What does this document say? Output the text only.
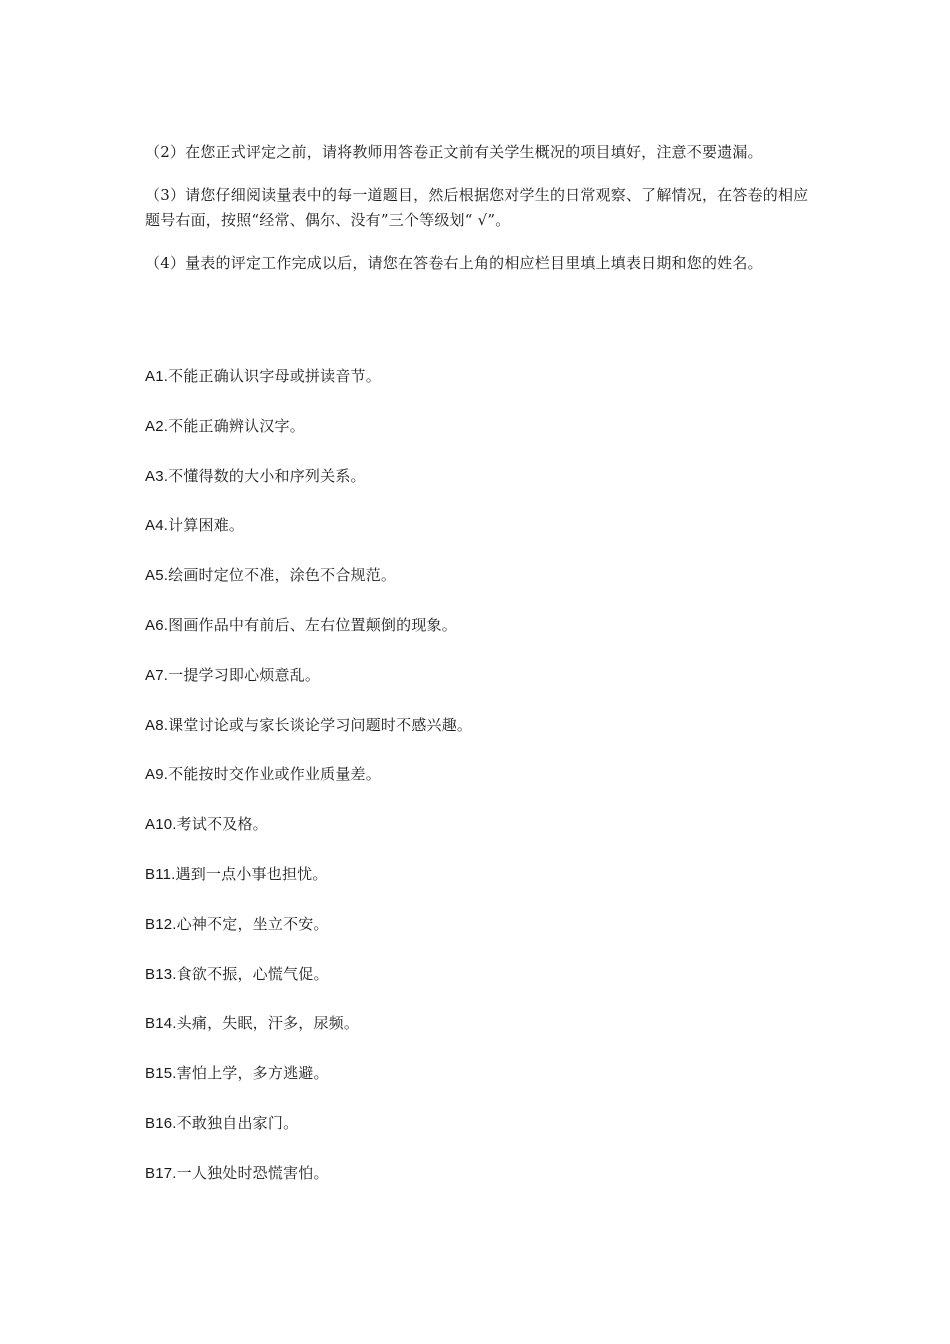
（2）在您正式评定之前，请将教师用答卷正文前有关学生概况的项目填好，注意不要遗漏。

（3）请您仔细阅读量表中的每一道题目，然后根据您对学生的日常观察、了解情况，在答卷的相应题号右面，按照“经常、偶尔、没有”三个等级划“ √”。

（4）量表的评定工作完成以后，请您在答卷右上角的相应栏目里填上填表日期和您的姓名。

A1.不能正确认识字母或拼读音节。
A2.不能正确辨认汉字。
A3.不懂得数的大小和序列关系。
A4.计算困难。
A5.绘画时定位不准，涂色不合规范。
A6.图画作品中有前后、左右位置颠倒的现象。
A7.一提学习即心烦意乱。
A8.课堂讨论或与家长谈论学习问题时不感兴趣。
A9.不能按时交作业或作业质量差。
A10.考试不及格。
B11.遇到一点小事也担忧。
B12.心神不定，坐立不安。
B13.食欲不振，心慌气促。
B14.头痛，失眠，汗多，尿频。
B15.害怕上学，多方逃避。
B16.不敢独自出家门。
B17.一人独处时恐慌害怕。
